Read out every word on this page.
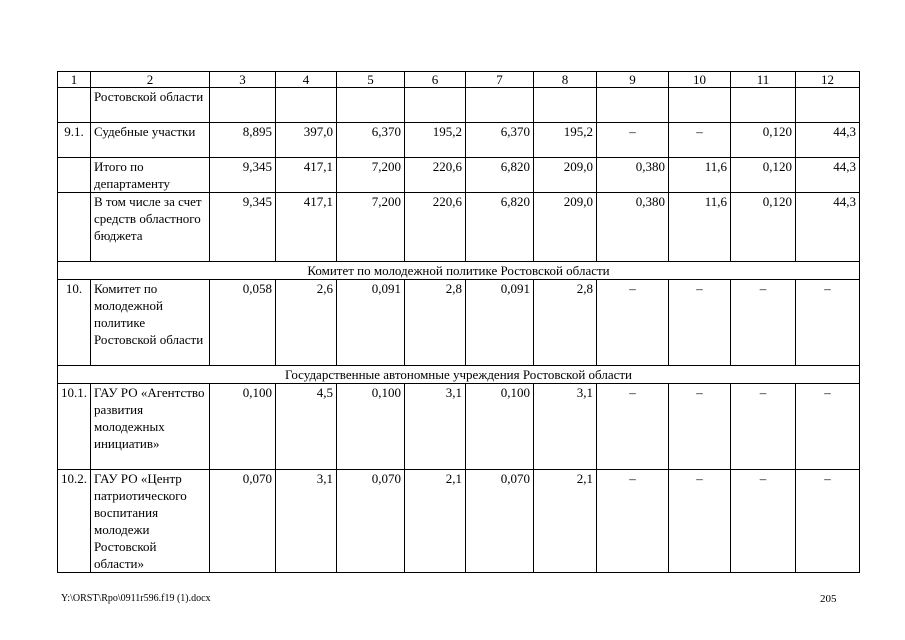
1	2	3	4	5	6	7	8	9	10	11	12
	Ростовской области										
9.1.	Судебные участки	8,895	397,0	6,370	195,2	6,370	195,2	–	–	0,120	44,3
	Итого по департаменту	9,345	417,1	7,200	220,6	6,820	209,0	0,380	11,6	0,120	44,3
	В том числе за счет средств областного бюджета	9,345	417,1	7,200	220,6	6,820	209,0	0,380	11,6	0,120	44,3
Комитет по молодежной политике Ростовской области											
10.	Комитет по молодежной политике Ростовской области	0,058	2,6	0,091	2,8	0,091	2,8	–	–	–	–
Государственные автономные учреждения Ростовской области											
10.1.	ГАУ РО «Агентство развития молодежных инициатив»	0,100	4,5	0,100	3,1	0,100	3,1	–	–	–	–
10.2.	ГАУ РО «Центр патриотического воспитания молодежи Ростовской области»	0,070	3,1	0,070	2,1	0,070	2,1	–	–	–	–
Y:\ORST\Rpo\0911r596.f19 (1).docx	205
